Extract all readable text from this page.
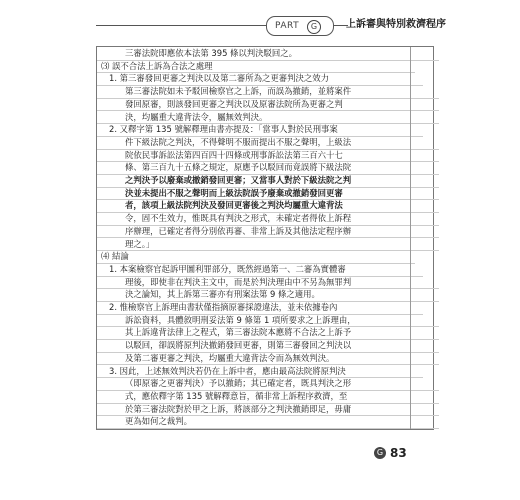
PART	G	上訴審與特別救濟程序
三審法院即應依本法第 395 條以判決駁回之。
⑶ 誤不合法上訴為合法之處理
1. 第三審發回更審之判決以及第二審所為之更審判決之效力
第三審法院如未予駁回檢察官之上訴，而誤為撤銷，並將案件
發回原審，則該發回更審之判決以及原審法院所為更審之判
決，均屬重大違背法令，屬無效判決。
2. 又釋字第 135 號解釋理由書亦提及：「當事人對於民刑事案
件下級法院之判決，不得聲明不服而提出不服之聲明，上級法
院依民事訴訟法第四百四十四條或刑事訴訟法第三百六十七
條、第三百九十五條之規定，原應予以駁回而竟誤將下級法院
之判決予以廢棄或撤銷發回更審；又當事人對於下級法院之判
決並未提出不服之聲明而上級法院誤予廢棄或撤銷發回更審
者，該項上級法院判決及發回更審後之判決均屬重大違背法
令，固不生效力，惟既具有判決之形式，未確定者得依上訴程
序辦理，已確定者得分別依再審、非常上訴及其他法定程序辦
理之。」
⑷ 結論
1. 本案檢察官起訴甲圖利罪部分，既然經過第一、二審為實體審
理後，即使非在判決主文中，而是於判決理由中不另為無罪判
決之論知，其上訴第三審亦有刑案法第 9 條之適用。
2. 惟檢察官上訴理由書狀僅指摘原審採證違法，並未依據卷內
訴訟資料，具體敘明刑妥法第 9 條第 1 項所要求之上訴理由，
其上訴違背法律上之程式，第三審法院本應將不合法之上訴予
以駁回，卻誤將原判決撤銷發回更審，則第三審發回之判決以
及第二審更審之判決，均屬重大違背法令而為無效判決。
3. 因此，上述無效判決若仍在上訴中者，應由最高法院將原判決
（即原審之更審判決）予以撤銷；其已確定者，既具判決之形
式，應依釋字第 135 號解釋意旨，循非常上訴程序救濟，至
於第三審法院對於甲之上訴，將該部分之判決撤銷即足，毋庸
更為如何之裁判。
G 83
